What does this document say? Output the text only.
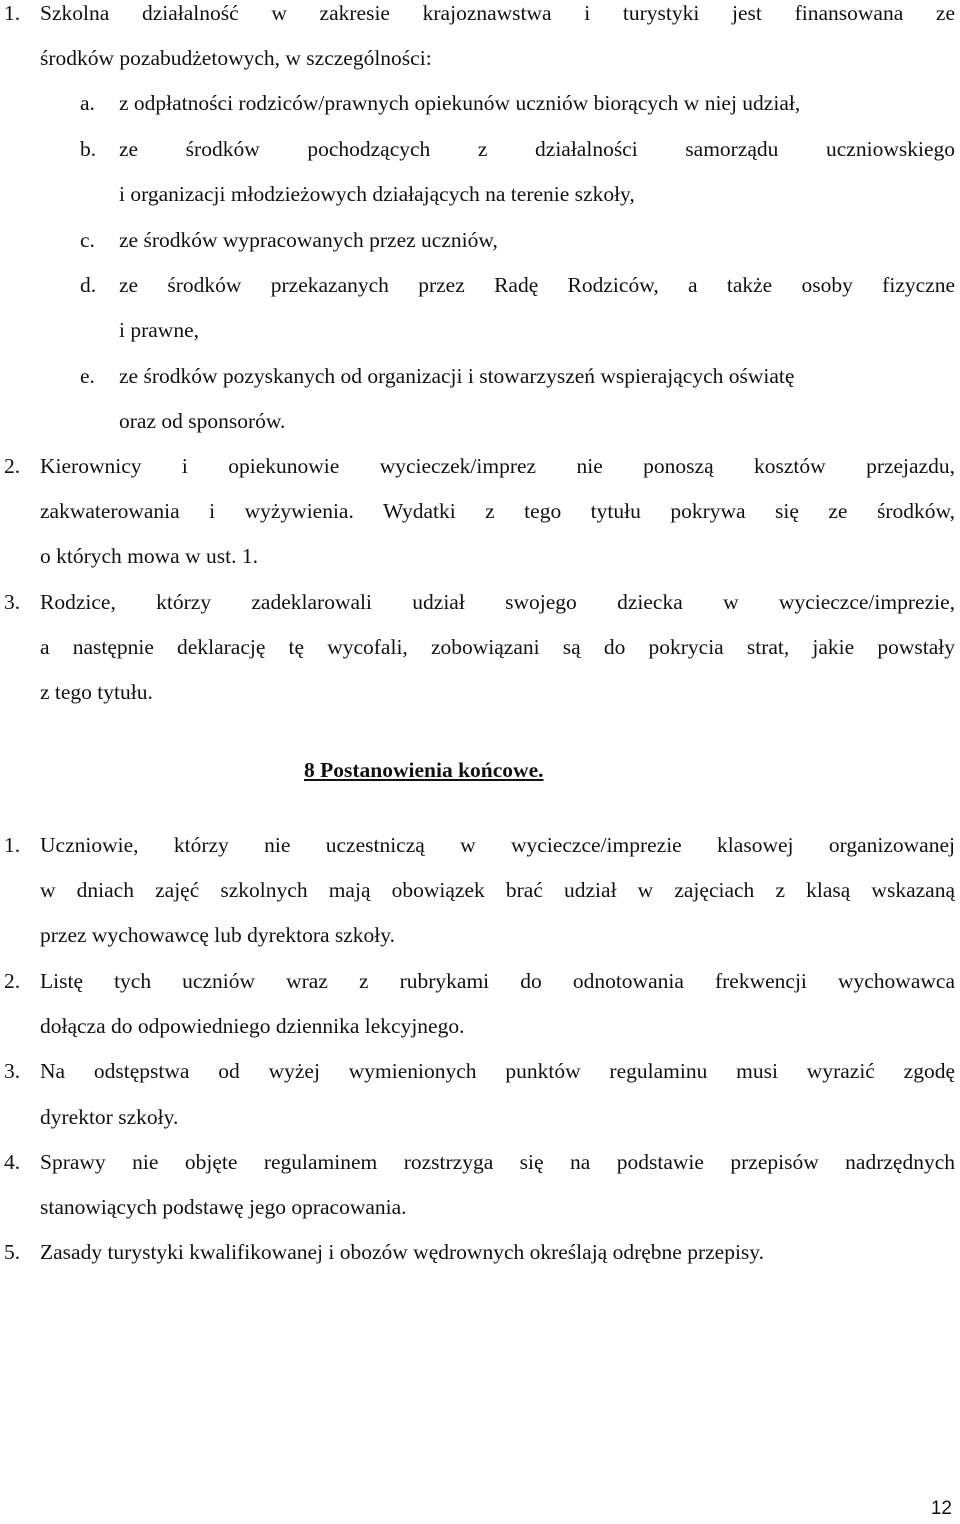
1. Szkolna działalność w zakresie krajoznawstwa i turystyki jest finansowana ze
środków pozabudżetowych, w szczególności:
a. z odpłatności rodziców/prawnych opiekunów uczniów biorących w niej udział,
b. ze środków pochodzących z działalności samorządu uczniowskiego
i organizacji młodzieżowych działających na terenie szkoły,
c. ze środków wypracowanych przez uczniów,
d. ze środków przekazanych przez Radę Rodziców, a także osoby fizyczne
i prawne,
e. ze środków pozyskanych od organizacji i stowarzyszeń wspierających oświatę
oraz od sponsorów.
2. Kierownicy i opiekunowie wycieczek/imprez nie ponoszą kosztów przejazdu,
zakwaterowania i wyżywienia. Wydatki z tego tytułu pokrywa się ze środków,
o których mowa w ust. 1.
3. Rodzice, którzy zadeklarowali udział swojego dziecka w wycieczce/imprezie,
a następnie deklarację tę wycofali, zobowiązani są do pokrycia strat, jakie powstały
z tego tytułu.
8 Postanowienia końcowe.
1. Uczniowie, którzy nie uczestniczą w wycieczce/imprezie klasowej organizowanej
w dniach zajęć szkolnych mają obowiązek brać udział w zajęciach z klasą wskazaną
przez wychowawcę lub dyrektora szkoły.
2. Listę tych uczniów wraz z rubrykami do odnotowania frekwencji wychowawca
dołącza do odpowiedniego dziennika lekcyjnego.
3. Na odstępstwa od wyżej wymienionych punktów regulaminu musi wyrazić zgodę
dyrektor szkoły.
4. Sprawy nie objęte regulaminem rozstrzyga się na podstawie przepisów nadrzędnych
stanowiących podstawę jego opracowania.
5. Zasady turystyki kwalifikowanej i obozów wędrownych określają odrębne przepisy.
12
